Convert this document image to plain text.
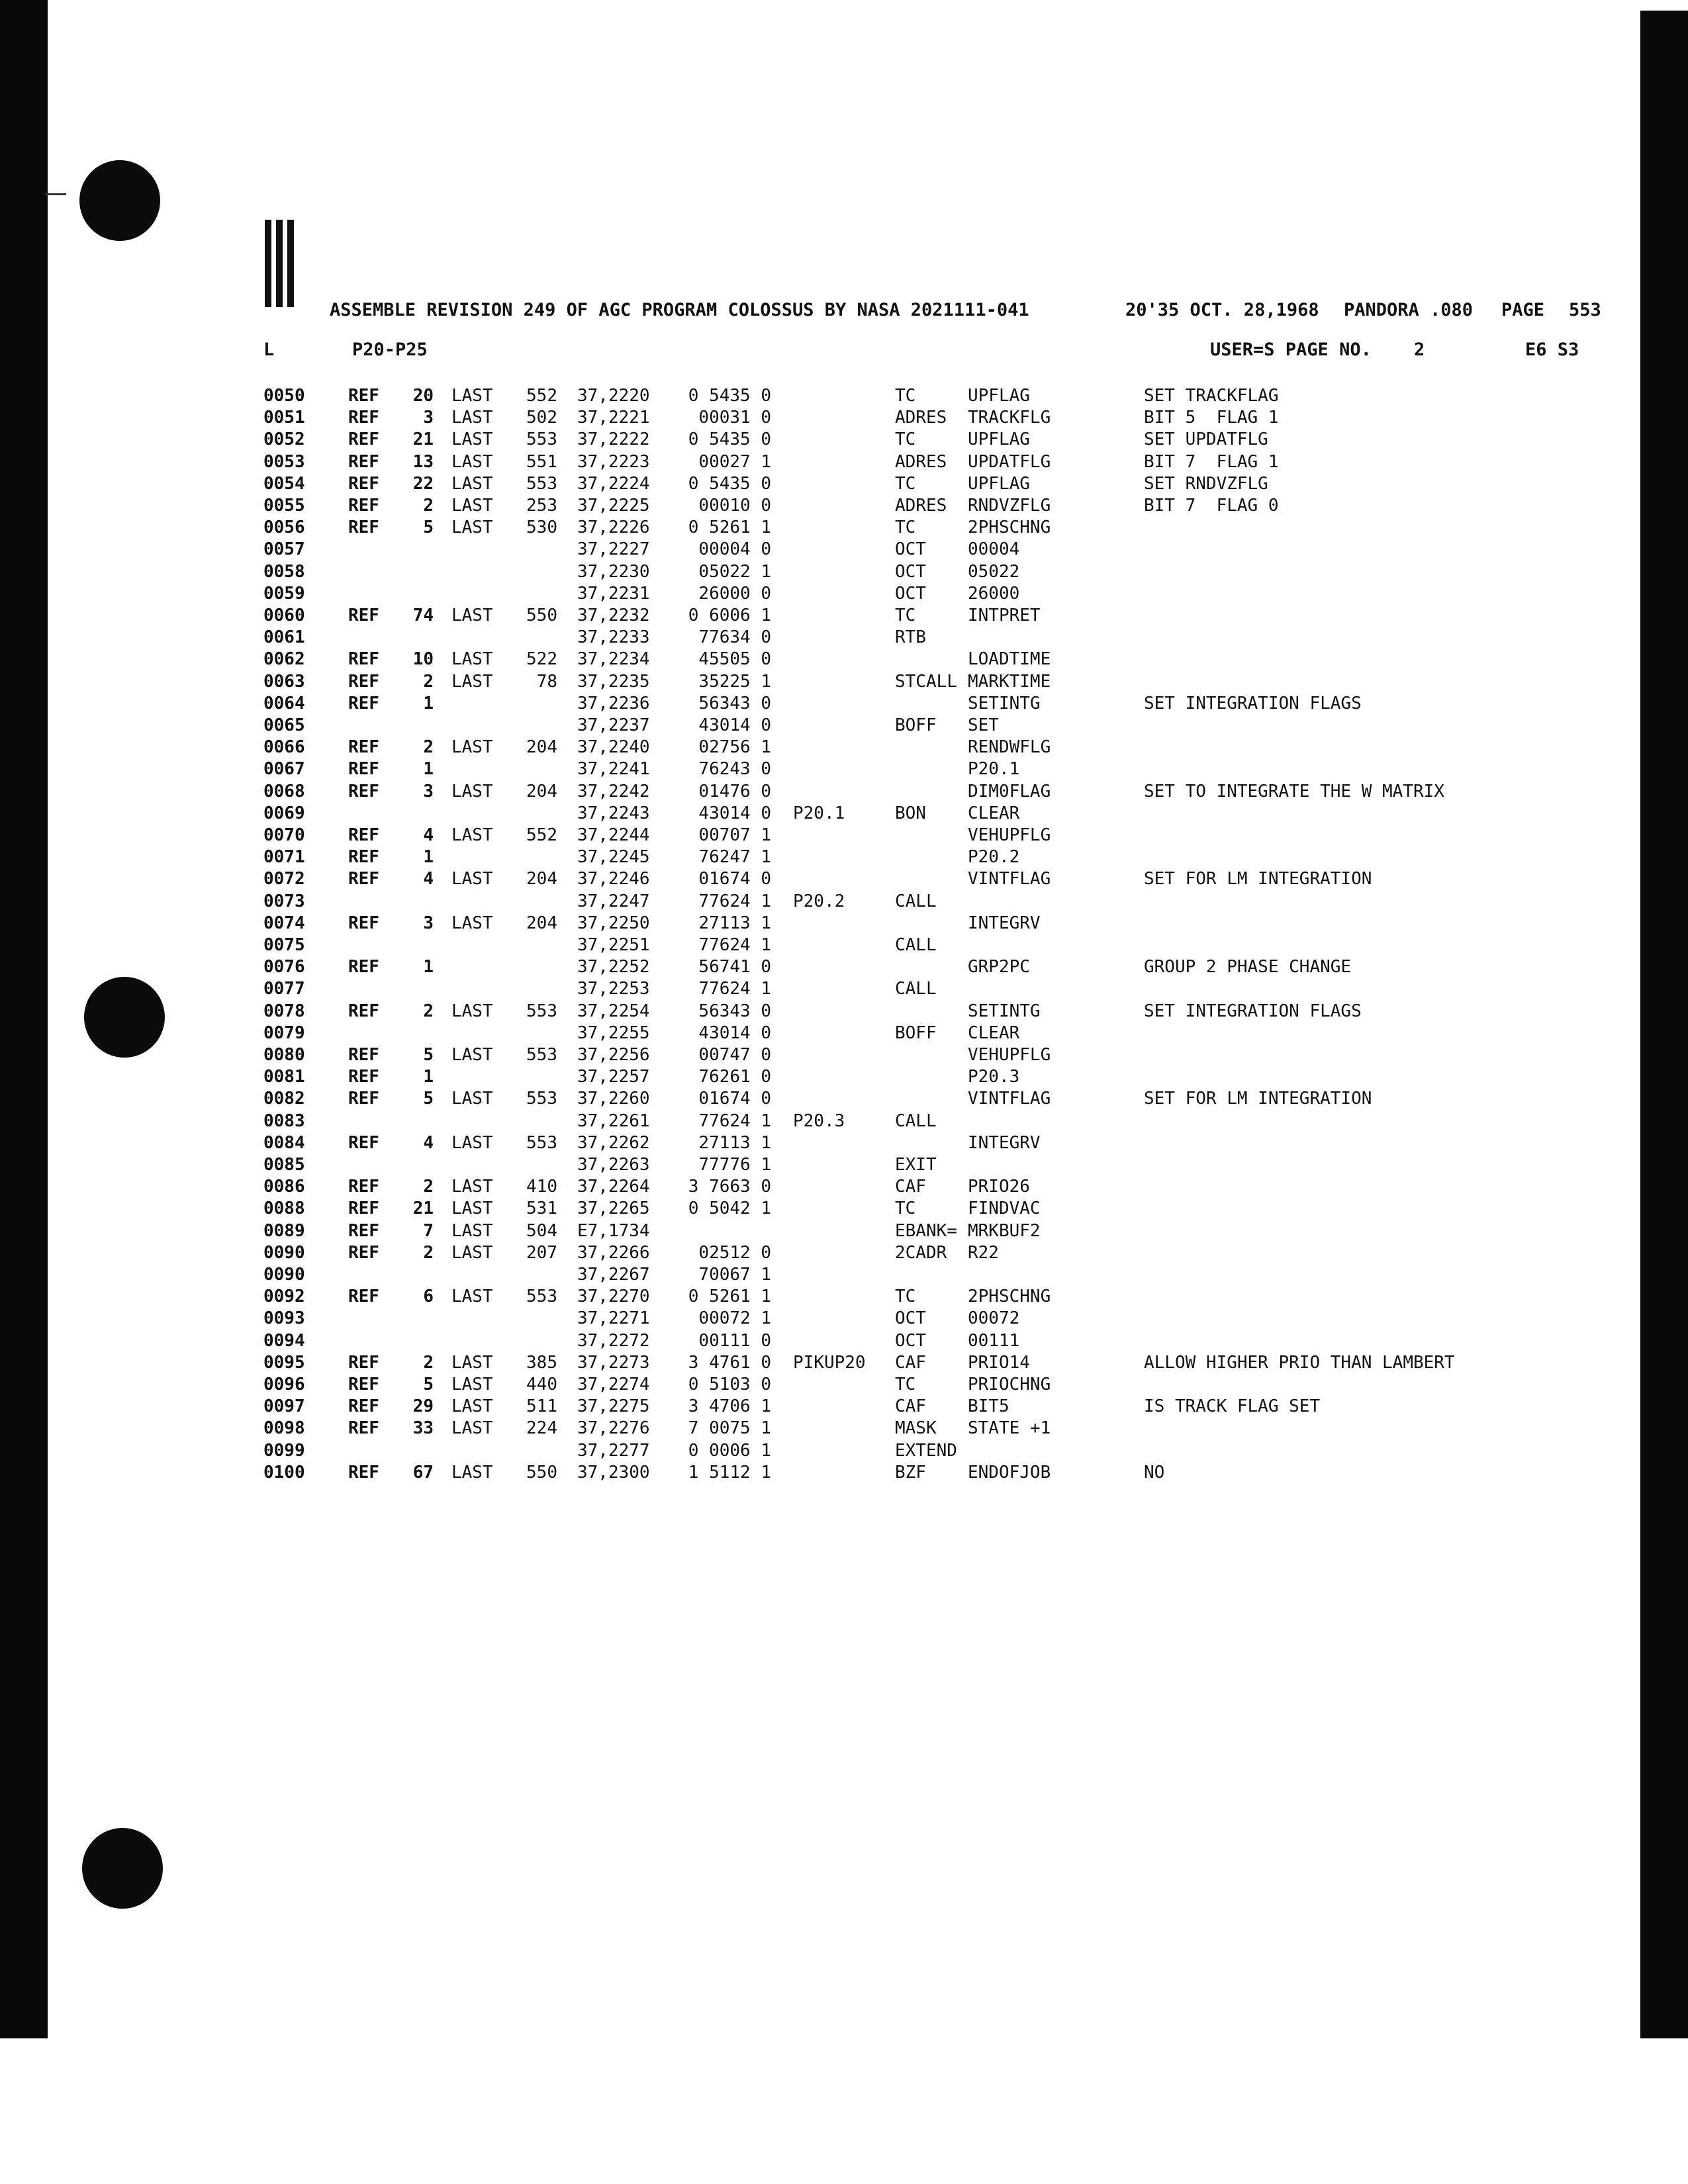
ASSEMBLE REVISION 249 OF AGC PROGRAM COLOSSUS BY NASA 2021111-041	20'35 OCT. 28,1968 PANDORA .080 PAGE 553
L	P20-P25	USER=S PAGE NO. 2	E6 S3
0050	REF	20 LAST	552 37,2220	0 5435 0	TC	UPFLAG	SET TRACKFLAG
0051	REF	3 LAST	502 37,2221	00031 0	ADRES TRACKFLG	BIT 5  FLAG 1
0052	REF	21 LAST	553 37,2222	0 5435 0	TC	UPFLAG	SET UPDATFLG
0053	REF	13 LAST	551 37,2223	00027 1	ADRES UPDATFLG	BIT 7  FLAG 1
0054	REF	22 LAST	553 37,2224	0 5435 0	TC	UPFLAG	SET RNDVZFLG
0055	REF	2 LAST	253 37,2225	00010 0	ADRES RNDVZFLG	BIT 7  FLAG 0
0056	REF	5 LAST	530 37,2226	0 5261 1	TC	2PHSCHNG
0057	37,2227	00004 0	OCT 00004
0058	37,2230	05022 1	OCT 05022
0059	37,2231	26000 0	OCT 26000
0060	REF	74 LAST	550 37,2232	0 6006 1	TC	INTPRET
0061	37,2233	77634 0	RTB
0062	REF	10 LAST	522 37,2234	45505 0	LOADTIME
0063	REF	2 LAST	78 37,2235	35225 1	STCALL MARKTIME
0064	REF	1	37,2236	56343 0	SETINTG	SET INTEGRATION FLAGS
0065	37,2237	43014 0	BOFF SET
0066	REF	2 LAST	204 37,2240	02756 1	RENDWFLG
0067	REF	1	37,2241	76243 0	P20.1
0068	REF	3 LAST	204 37,2242	01476 0	DIM0FLAG	SET TO INTEGRATE THE W MATRIX
0069	37,2243	43014 0 P20.1	BON CLEAR
0070	REF	4 LAST	552 37,2244	00707 1	VEHUPFLG
0071	REF	1	37,2245	76247 1	P20.2
0072	REF	4 LAST	204 37,2246	01674 0	VINTFLAG	SET FOR LM INTEGRATION
0073	37,2247	77624 1 P20.2	CALL
0074	REF	3 LAST	204 37,2250	27113 1	INTEGRV
0075	37,2251	77624 1	CALL
0076	REF	1	37,2252	56741 0	GRP2PC	GROUP 2 PHASE CHANGE
0077	37,2253	77624 1	CALL
0078	REF	2 LAST	553 37,2254	56343 0	SETINTG	SET INTEGRATION FLAGS
0079	37,2255	43014 0	BOFF CLEAR
0080	REF	5 LAST	553 37,2256	00747 0	VEHUPFLG
0081	REF	1	37,2257	76261 0	P20.3
0082	REF	5 LAST	553 37,2260	01674 0	VINTFLAG	SET FOR LM INTEGRATION
0083	37,2261	77624 1 P20.3	CALL
0084	REF	4 LAST	553 37,2262	27113 1	INTEGRV
0085	37,2263	77776 1	EXIT
0086	REF	2 LAST	410 37,2264	3 7663 0	CAF PRIO26
0088	REF	21 LAST	531 37,2265	0 5042 1	TC	FINDVAC
0089	REF	7 LAST	504 E7,1734	EBANK= MRKBUF2
0090	REF	2 LAST	207 37,2266	02512 0	2CADR R22
0090	37,2267	70067 1
0092	REF	6 LAST	553 37,2270	0 5261 1	TC	2PHSCHNG
0093	37,2271	00072 1	OCT 00072
0094	37,2272	00111 0	OCT 00111
0095	REF	2 LAST	385 37,2273	3 4761 0 PIKUP20 CAF PRIO14	ALLOW HIGHER PRIO THAN LAMBERT
0096	REF	5 LAST	440 37,2274	0 5103 0	TC	PRIOCHNG
0097	REF	29 LAST	511 37,2275	3 4706 1	CAF BIT5	IS TRACK FLAG SET
0098	REF	33 LAST	224 37,2276	7 0075 1	MASK STATE +1
0099	37,2277	0 0006 1	EXTEND
0100	REF	67 LAST	550 37,2300	1 5112 1	BZF ENDOFJOB	NO
